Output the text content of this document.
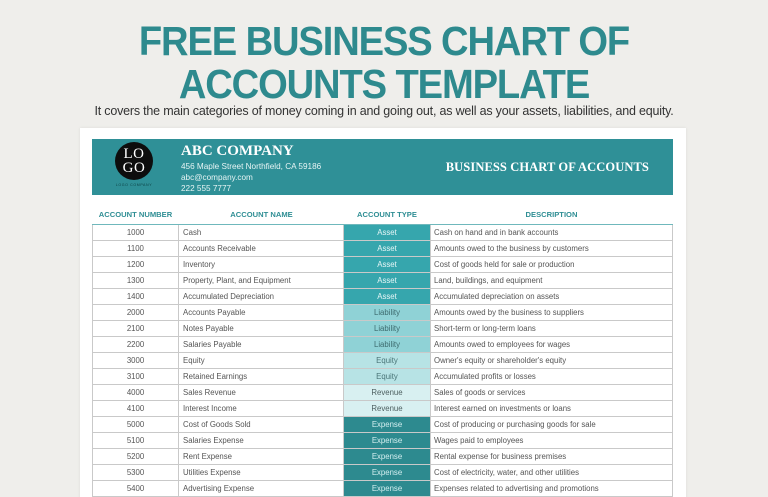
FREE BUSINESS CHART OF
ACCOUNTS TEMPLATE
It covers the main categories of money coming in and going out, as well as your assets, liabilities, and equity.
LO
GO
LOGO COMPANY
ABC COMPANY
456 Maple Street Northfield, CA 59186
abc@company.com
222 555 7777
BUSINESS CHART OF ACCOUNTS
ACCOUNT NUMBER	ACCOUNT NAME	ACCOUNT TYPE	DESCRIPTION
1000	Cash	Asset	Cash on hand and in bank accounts
1100	Accounts Receivable	Asset	Amounts owed to the business by customers
1200	Inventory	Asset	Cost of goods held for sale or production
1300	Property, Plant, and Equipment	Asset	Land, buildings, and equipment
1400	Accumulated Depreciation	Asset	Accumulated depreciation on assets
2000	Accounts Payable	Liability	Amounts owed by the business to suppliers
2100	Notes Payable	Liability	Short-term or long-term loans
2200	Salaries Payable	Liability	Amounts owed to employees for wages
3000	Equity	Equity	Owner's equity or shareholder's equity
3100	Retained Earnings	Equity	Accumulated profits or losses
4000	Sales Revenue	Revenue	Sales of goods or services
4100	Interest Income	Revenue	Interest earned on investments or loans
5000	Cost of Goods Sold	Expense	Cost of producing or purchasing goods for sale
5100	Salaries Expense	Expense	Wages paid to employees
5200	Rent Expense	Expense	Rental expense for business premises
5300	Utilities Expense	Expense	Cost of electricity, water, and other utilities
5400	Advertising Expense	Expense	Expenses related to advertising and promotions
